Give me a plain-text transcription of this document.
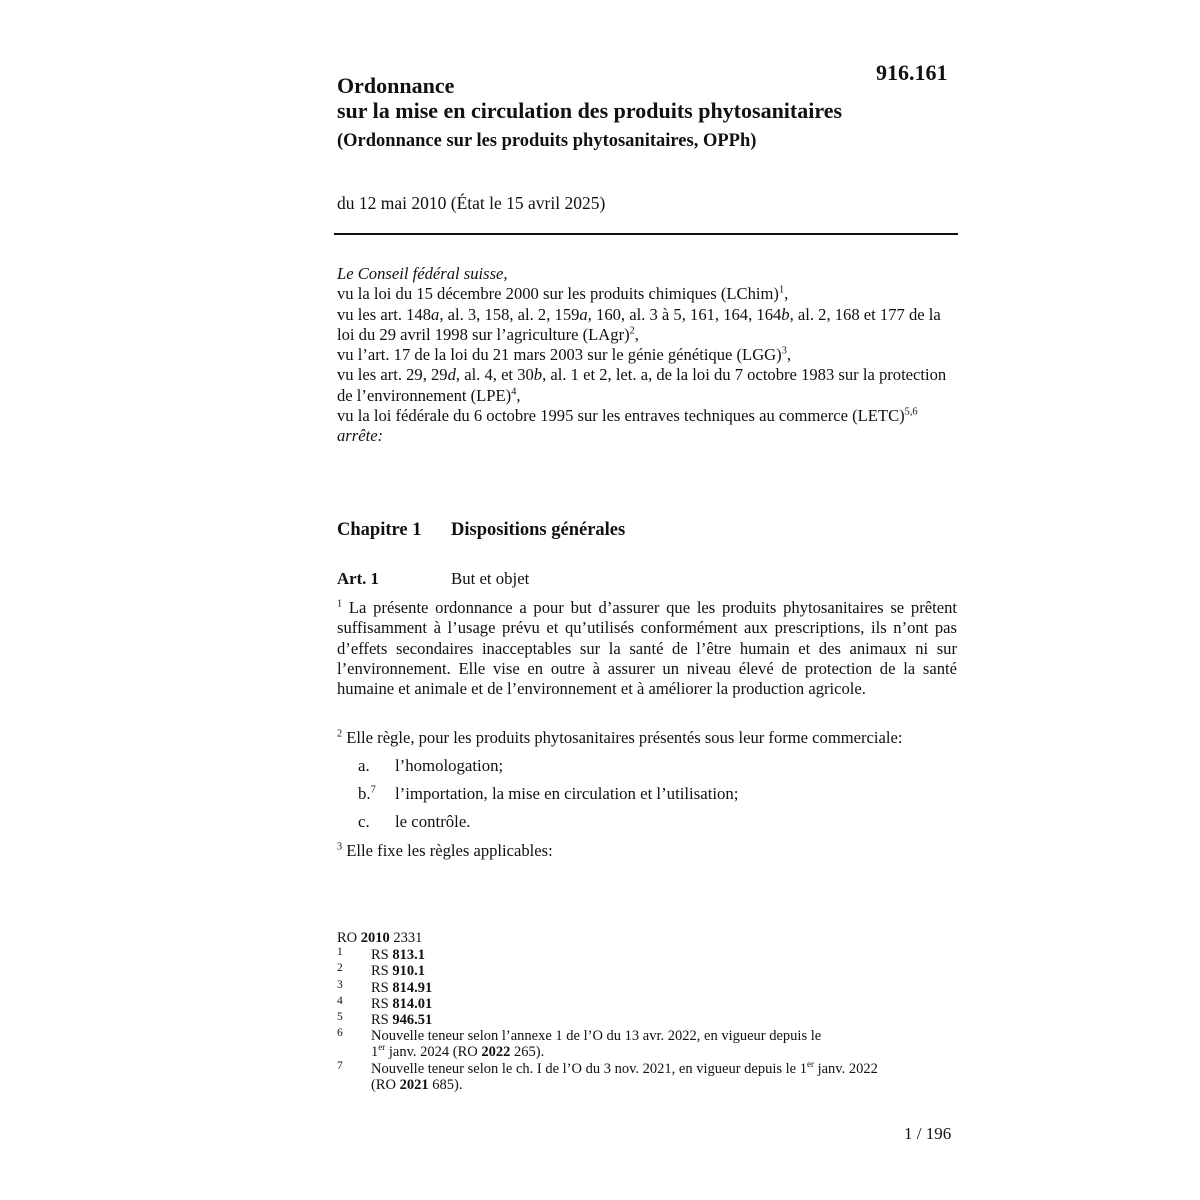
916.161
Ordonnance
sur la mise en circulation des produits phytosanitaires
(Ordonnance sur les produits phytosanitaires, OPPh)
du 12 mai 2010 (État le 15 avril 2025)

Le Conseil fédéral suisse,

vu la loi du 15 décembre 2000 sur les produits chimiques (LChim)$^1$,

vu les art. 148a, al. 3, 158, al. 2, 159a, 160, al. 3 à 5, 161, 164, 164b, al. 2, 168 et 177 de la loi du 29 avril 1998 sur l’agriculture (LAgr)$^2$,

vu l’art. 17 de la loi du 21 mars 2003 sur le génie génétique (LGG)$^3$,

vu les art. 29, 29d, al. 4, et 30b, al. 1 et 2, let. a, de la loi du 7 octobre 1983 sur la protection de l’environnement (LPE)$^4$,

vu la loi fédérale du 6 octobre 1995 sur les entraves techniques au commerce (LETC)$^{5,6}$

arrête:

Chapitre 1 Dispositions générales
Art. 1	But et objet

$^1$ La présente ordonnance a pour but d’assurer que les produits phytosanitaires se prêtent suffisamment à l’usage prévu et qu’utilisés conformément aux prescriptions, ils n’ont pas d’effets secondaires inacceptables sur la santé de l’être humain et des animaux ni sur l’environnement. Elle vise en outre à assurer un niveau élevé de protection de la santé humaine et animale et de l’environnement et à améliorer la production agricole.

$^2$ Elle règle, pour les produits phytosanitaires présentés sous leur forme commerciale:
a. l’homologation;
b.$^7$ l’importation, la mise en circulation et l’utilisation;
c. le contrôle.
$^3$ Elle fixe les règles applicables:
RO 2010 2331
1 RS 813.1
2 RS 910.1
3 RS 814.91
4 RS 814.01
5 RS 946.51
6 Nouvelle teneur selon l’annexe 1 de l’O du 13 avr. 2022, en vigueur depuis le
1er janv. 2024 (RO 2022 265).
7 Nouvelle teneur selon le ch. I de l’O du 3 nov. 2021, en vigueur depuis le 1er janv. 2022
(RO 2021 685).
1 / 196
